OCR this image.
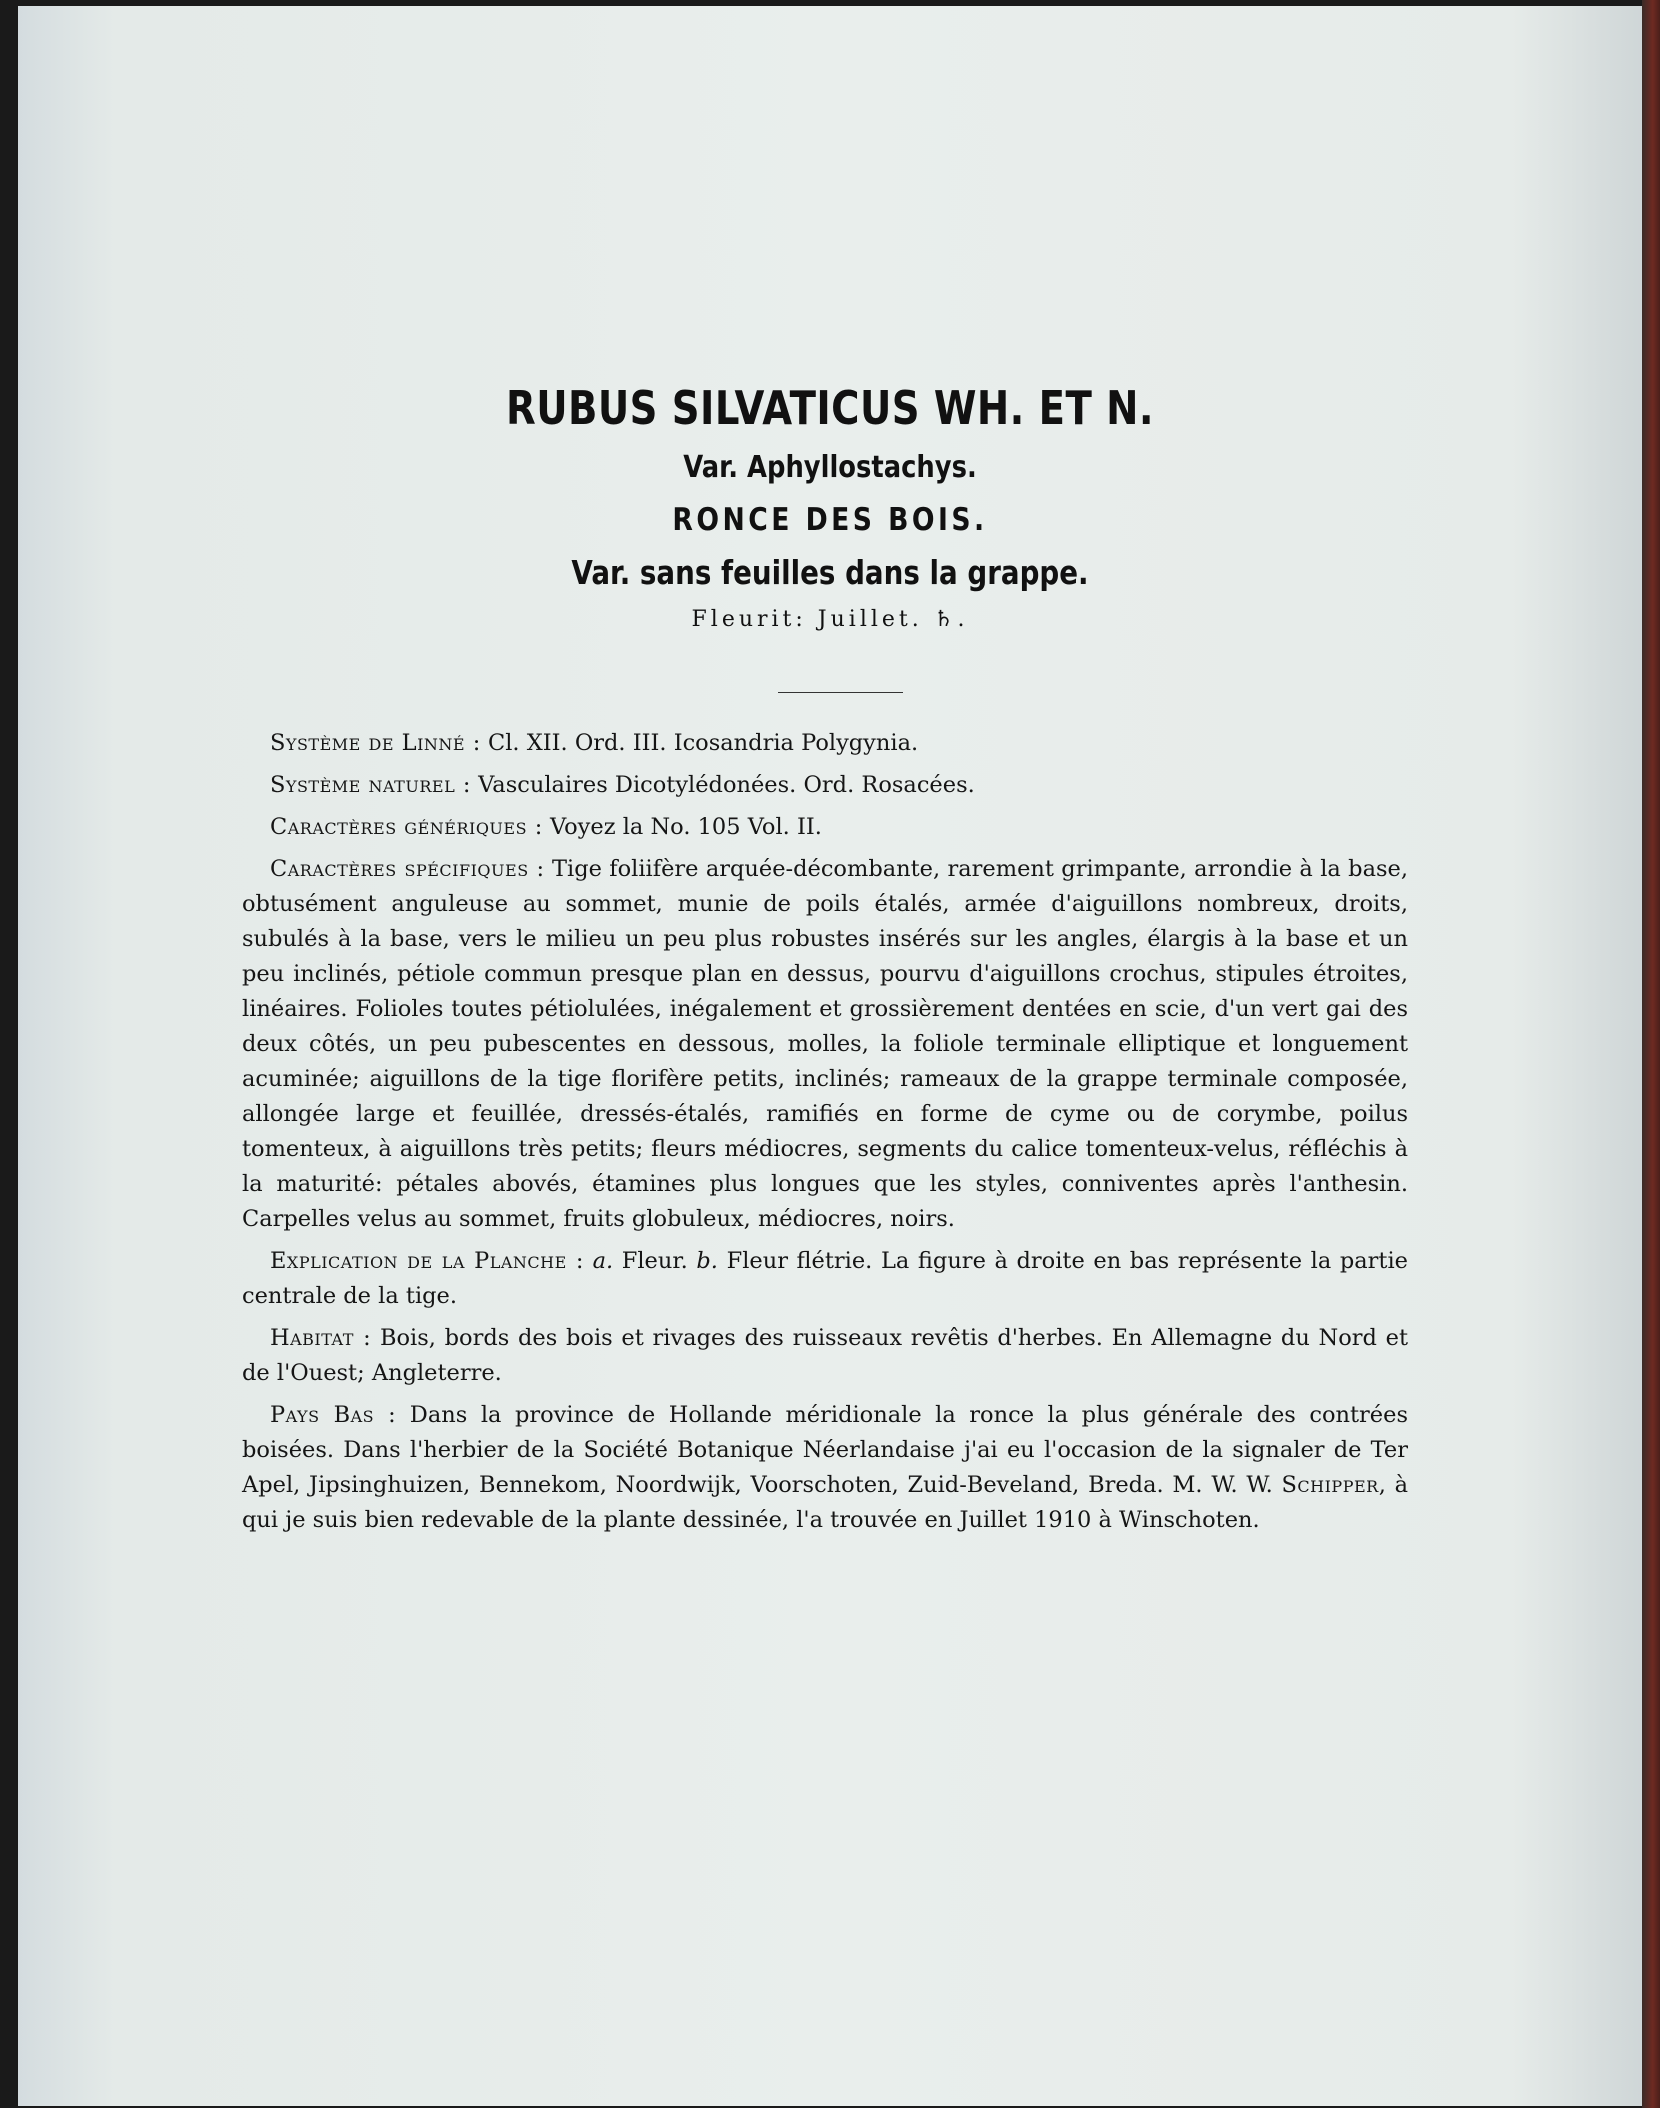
RUBUS SILVATICUS WH. ET N.
Var. Aphyllostachys.
RONCE DES BOIS.
Var. sans feuilles dans la grappe.
Fleurit: Juillet. ♄.

Système de Linné : Cl. XII. Ord. III. Icosandria Polygynia.

Système naturel : Vasculaires Dicotylédonées. Ord. Rosacées.

Caractères génériques : Voyez la No. 105 Vol. II.

Caractères spécifiques : Tige foliifère arquée-décombante, rarement grimpante, arrondie à la base, obtusément anguleuse au sommet, munie de poils étalés, armée d'aiguillons nombreux, droits, subulés à la base, vers le milieu un peu plus robustes insérés sur les angles, élargis à la base et un peu inclinés, pétiole commun presque plan en dessus, pourvu d'aiguillons crochus, stipules étroites, linéaires. Folioles toutes pétiolulées, inégalement et grossièrement dentées en scie, d'un vert gai des deux côtés, un peu pubescentes en dessous, molles, la foliole terminale elliptique et longuement acuminée; aiguillons de la tige florifère petits, inclinés; rameaux de la grappe terminale composée, allongée large et feuillée, dressés-étalés, ramifiés en forme de cyme ou de corymbe, poilus tomenteux, à aiguillons très petits; fleurs médiocres, segments du calice tomenteux-velus, réfléchis à la maturité: pétales abovés, étamines plus longues que les styles, conniventes après l'anthesin. Carpelles velus au sommet, fruits globuleux, médiocres, noirs.

Explication de la Planche : a. Fleur. b. Fleur flétrie. La figure à droite en bas représente la partie centrale de la tige.

Habitat : Bois, bords des bois et rivages des ruisseaux revêtis d'herbes. En Allemagne du Nord et de l'Ouest; Angleterre.

Pays Bas : Dans la province de Hollande méridionale la ronce la plus générale des contrées boisées. Dans l'herbier de la Société Botanique Néerlandaise j'ai eu l'occasion de la signaler de Ter Apel, Jipsinghuizen, Bennekom, Noordwijk, Voorschoten, Zuid-Beveland, Breda. M. W. W. Schipper, à qui je suis bien redevable de la plante dessinée, l'a trouvée en Juillet 1910 à Winschoten.
